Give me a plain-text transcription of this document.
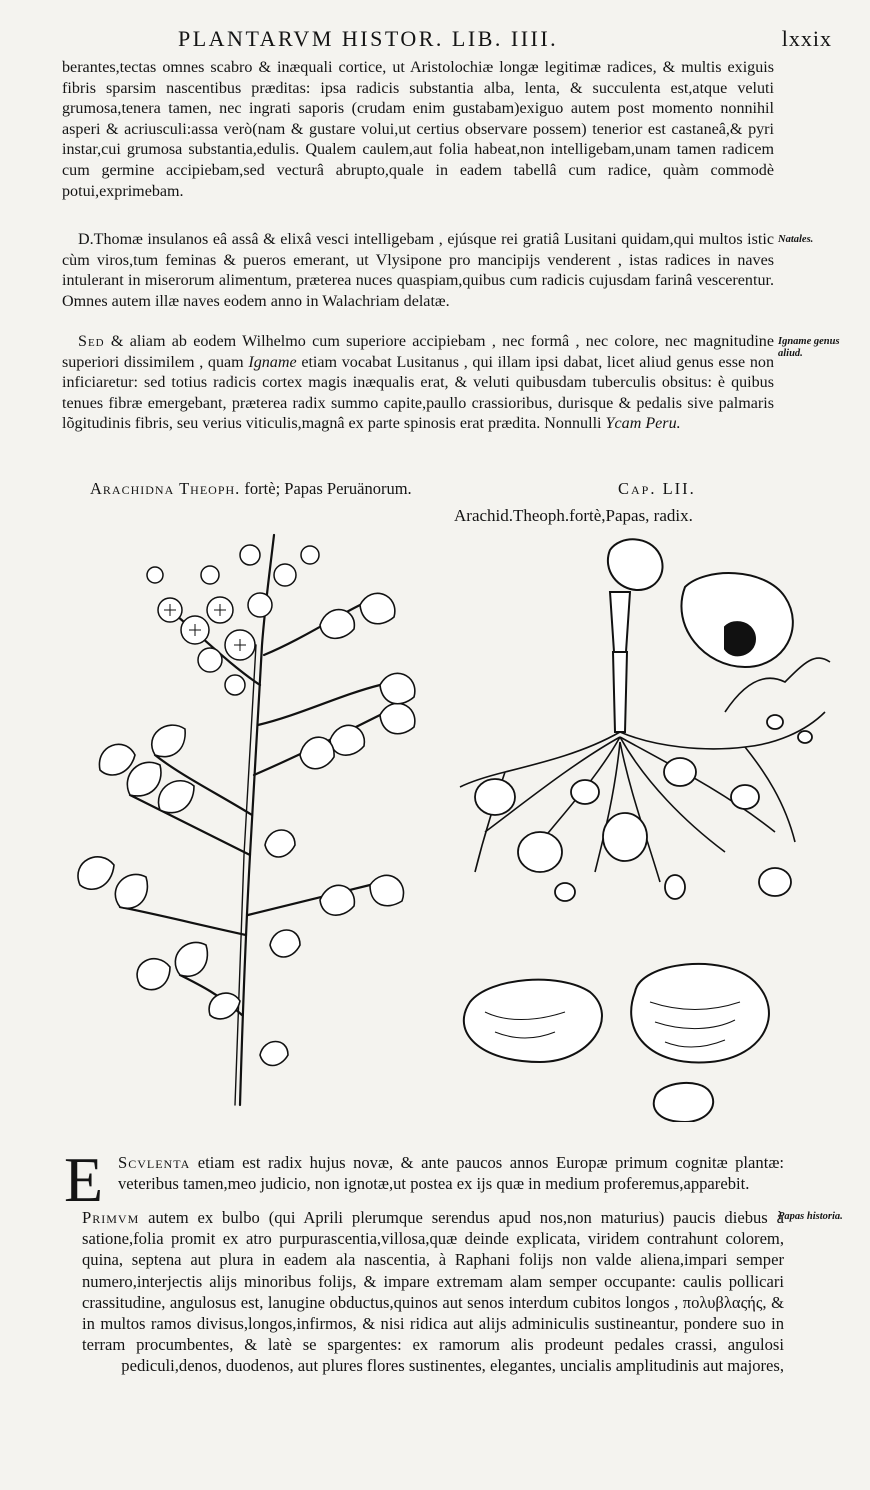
PLANTARVM HISTOR. LIB. IIII.	lxxix

berantes,tectas omnes scabro & inæquali cortice, ut Aristolochiæ longæ legitimæ radices, & multis exiguis fibris sparsim nascentibus præditas: ipsa radicis substantia alba, lenta, & succulenta est,atque veluti grumosa,tenera tamen, nec ingrati saporis (crudam enim gustabam)exiguo autem post momento nonnihil asperi & acriusculi:assa verò(nam & gustare volui,ut certius observare possem) tenerior est castaneâ,& pyri instar,cui grumosa substantia,edulis. Qualem caulem,aut folia habeat,non intelligebam,unam tamen radicem cum germine accipiebam,sed vecturâ abrupto,quale in eadem tabellâ cum radice, quàm commodè potui,exprimebam.

D.Thomæ insulanos eâ assâ & elixâ vesci intelligebam , ejúsque rei gratiâ Lusitani quidam,qui multos istic cùm viros,tum feminas & pueros emerant, ut Vlysipone pro mancipijs venderent , istas radices in naves intulerant in miserorum alimentum, præterea nuces quaspiam,quibus cum radicis cujusdam farinâ vescerentur. Omnes autem illæ naves eodem anno in Walachriam delatæ.

Natales.

Sed & aliam ab eodem Wilhelmo cum superiore accipiebam , nec formâ , nec colore, nec magnitudine superiori dissimilem , quam Igname etiam vocabat Lusitanus , qui illam ipsi dabat, licet aliud genus esse non inficiaretur: sed totius radicis cortex magis inæqualis erat, & veluti quibusdam tuberculis obsitus: è quibus tenues fibræ emergebant, præterea radix summo capite,paullo crassioribus, durisque & pedalis sive palmaris lõgitudinis fibris, seu verius viticulis,magnâ ex parte spinosis erat prædita. Nonnulli Ycam Peru.

Igname genus aliud.
Arachidna Theoph. fortè; Papas Peruänorum.	Cap. LII.
Arachid.Theoph.fortè,Papas, radix.
E Scvlenta etiam est radix hujus novæ, & ante paucos annos Europæ primum cognitæ plantæ: veteribus tamen,meo judicio, non ignotæ,ut postea ex ijs quæ in medium proferemus,apparebit.

Primvm autem ex bulbo (qui Aprili plerumque serendus apud nos,non maturius) paucis diebus à satione,folia promit ex atro purpurascentia,villosa,quæ deinde explicata, viridem contrahunt colorem, quina, septena aut plura in eadem ala nascentia, à Raphani folijs non valde aliena,impari semper numero,interjectis alijs minoribus folijs, & impare extremam alam semper occupante: caulis pollicari crassitudine, angulosus est, lanugine obductus,quinos aut senos interdum cubitos longos , πολυβλαςής, & in multos ramos divisus,longos,infirmos, & nisi ridica aut alijs adminiculis sustineantur, pondere suo in terram procumbentes, & latè se spargentes: ex ramorum alis prodeunt pedales crassi, angulosi pediculi,denos, duodenos, aut plures flores sustinentes, elegantes, uncialis amplitudinis aut majores,

Papas historia.
